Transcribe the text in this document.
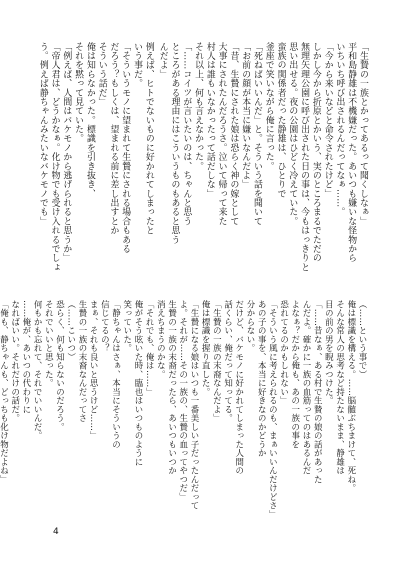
「生贄の一族とかってあるって聞くしなぁ」
平和島静雄は不機嫌だった。あいつも嫌いな怪物から
いちいち呼び出されるんだってなぁ……。
「今から来いなどと命令されたけど」
しかし今から折原とかいう、実のところまるでただの
無理矢理公園に呼び出された日の事は、今もはっきりと
思い出せる。夜の公園はひどく冷えていた。
蛮族の関係者だった静雄は、ひとりで
釜座で笑いながら俺に言った。
「死ねばいいんだ」と。そういう話を聞いて
「お前の顔が本当に嫌いなんだよ」
「昔、生贄にされた娘は恐らく神の嫁として
大事にされたんだろうさ。泣いて帰って来た
村人は誰もいなかったって話だしな」
それ以上、何も言えなかった。
「……コイツが言いたいのは、ちゃんと思う
ところがある理由にはこういうものもあると思う
んだよ」
例えば、ヒトでないものに好かれてしまったと
いう事だ。
「そういうモノに望まれて生贄にされる場合もある
だろう？もしくは、望まれる前に差し出すとか
そういう話だ」
俺は知らなかった。標識を引き抜き、
それを黙って見ていた。
「例えば、人間はバケモノから逃げられると思うか」
「帝人君は、どうかなぁ。化け物でも受け入れるでしょ
う。例えば静ちゃんみたいなバケモノでも」
（……という事で）
俺は標識を構える。……脳髄ぶちまけて、死ね。
そんな常人の思考など持たないまま、静雄は
目の前の男を睨みつけた。
「……昔なぁ、ある村で生贄の娘の話があった
んだよ。確かに一族の血筋ってのはあるんだ
よなぁ？だから俺も、あの一族の事を
恐れてるのかもしれない」
「そういう風に考えられるのも、まぁいいんだけどさ」
あの子の事を、本当に好きなのかどうか
分からない。
だけど、バケモノに好かれてしまった人間の
話くらい、俺だって知ってる。
「生贄の一族の末裔なんだよ」
俺は標識を握り直した。
「生贄になる娘はいつも一番美しい子だったんだって
よ。それが……その一族の、生贄の血ってやつだ」
生贄の一族の末裔だったら、あいつもいつか
消えちまうのかな。
「それでも、俺は……」
俺がそう呟いた時、臨也はいつものように
笑っていた。
「静ちゃんはさぁ、本当にそういうの
信じてるの？
まぁ、それも良いと思うけど……」
生贄の一族の末裔なんだってさ
（……こいつ）
恐らく、何も知らないのだろう。
それでいいと思った。
何もかも忘れて、それでいいんだ。
……俺が、あいつの代わりに
なればいい。それだけの話だ。
「俺も、静ちゃんも、どっちも化け物だよね」
4
